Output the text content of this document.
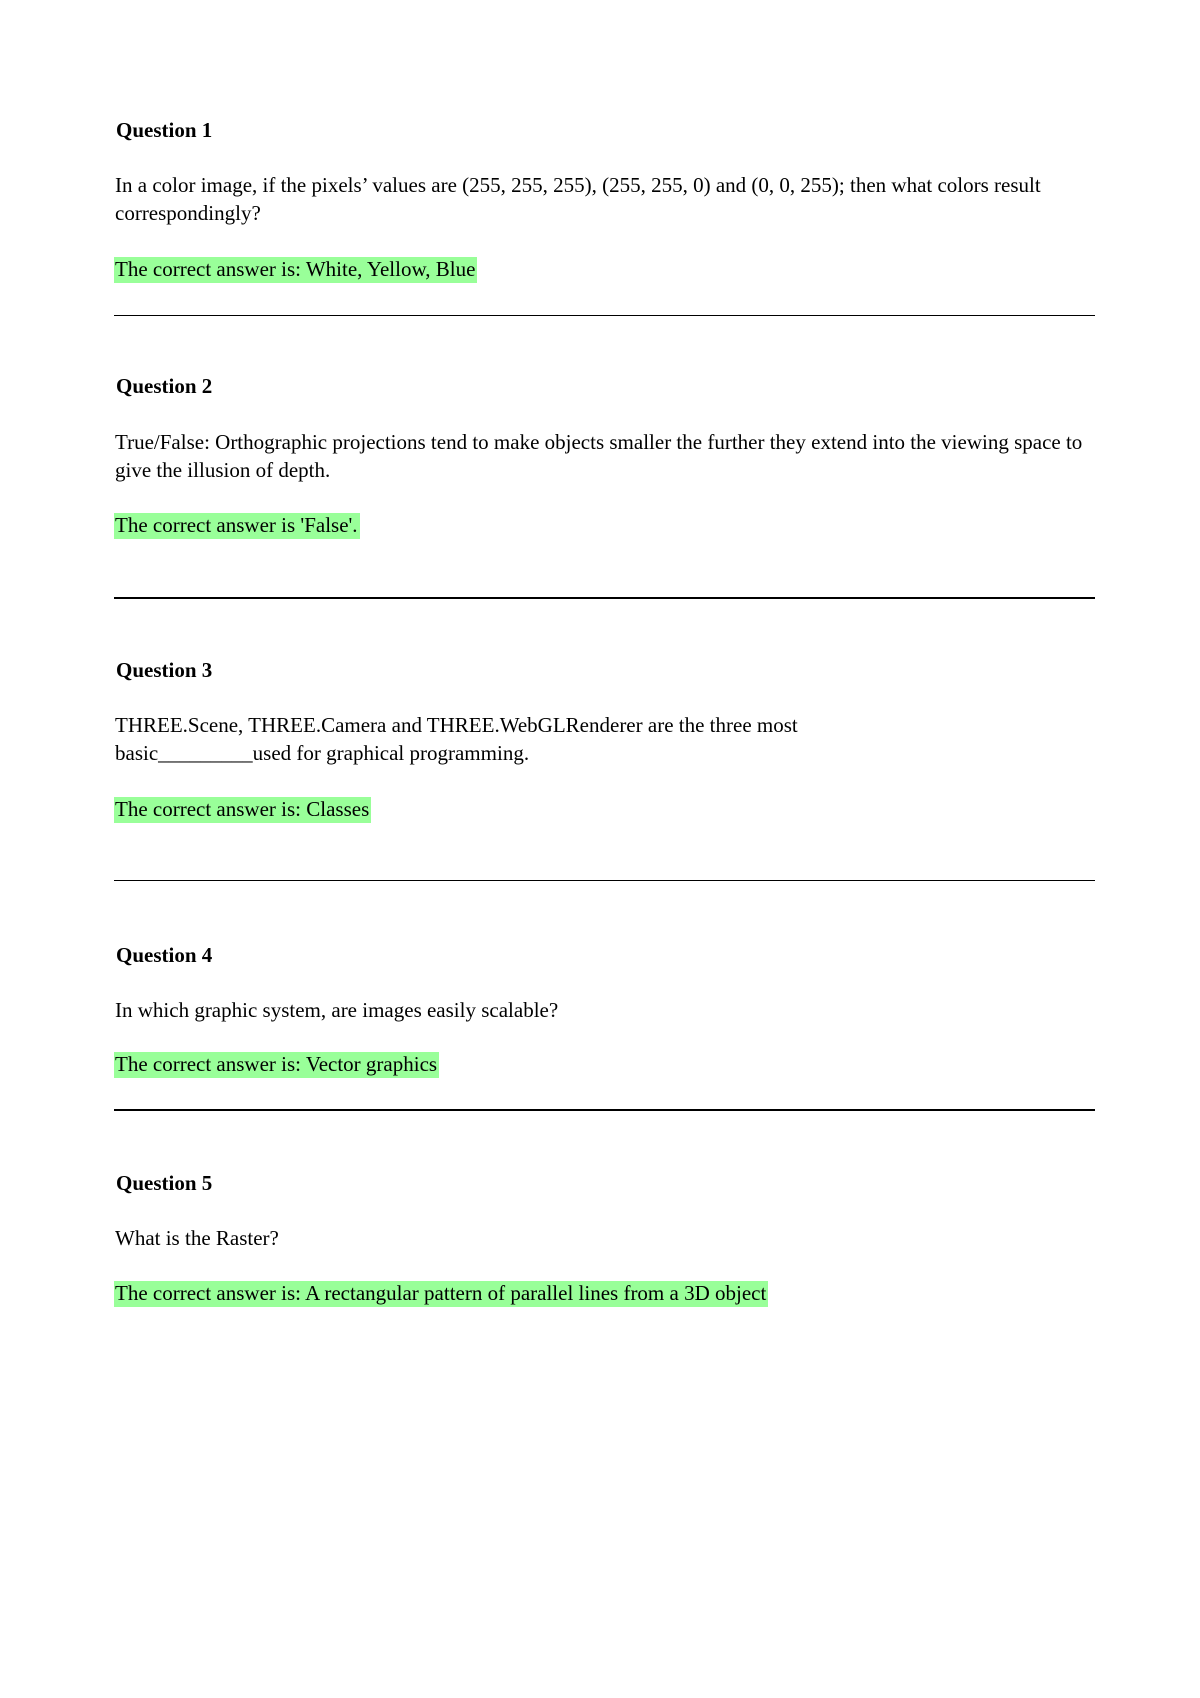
Question 1
In a color image, if the pixels’ values are (255, 255, 255), (255, 255, 0) and (0, 0, 255); then what colors result correspondingly?
The correct answer is: White, Yellow, Blue
Question 2
True/False: Orthographic projections tend to make objects smaller the further they extend into the viewing space to give the illusion of depth.
The correct answer is 'False'.
Question 3
THREE.Scene, THREE.Camera and THREE.WebGLRenderer are the three most
basic_________used for graphical programming.
The correct answer is: Classes
Question 4
In which graphic system, are images easily scalable?
The correct answer is: Vector graphics
Question 5
What is the Raster?
The correct answer is: A rectangular pattern of parallel lines from a 3D object
